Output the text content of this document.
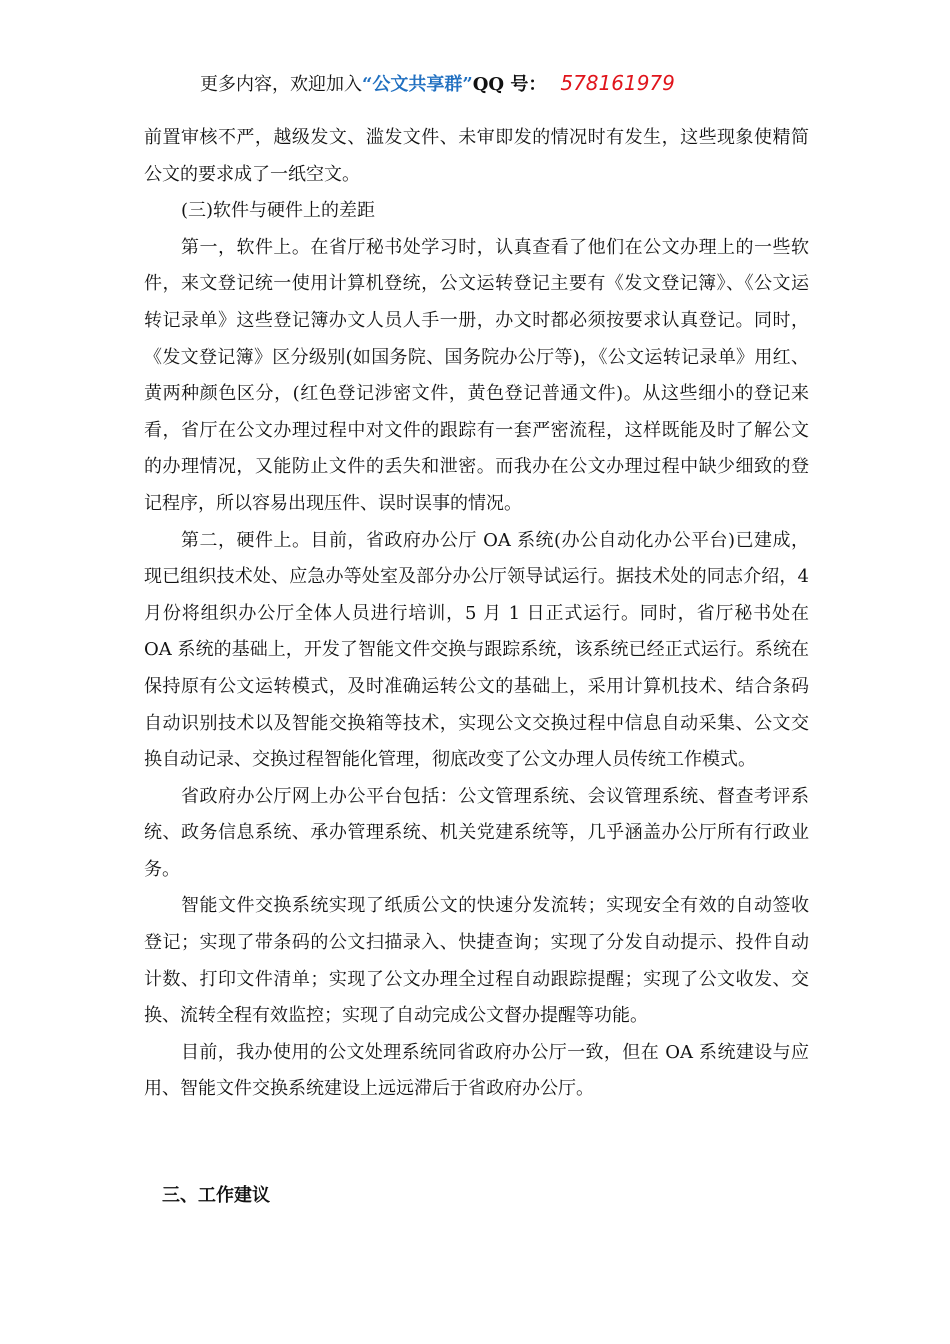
更多内容，欢迎加入“公文共享群”QQ 号： 578161979

前置审核不严，越级发文、滥发文件、未审即发的情况时有发生，这些现象使精简公文的要求成了一纸空文。

(三)软件与硬件上的差距

第一，软件上。在省厅秘书处学习时，认真查看了他们在公文办理上的一些软件，来文登记统一使用计算机登统，公文运转登记主要有《发文登记簿》、《公文运转记录单》这些登记簿办文人员人手一册，办文时都必须按要求认真登记。同时，《发文登记簿》区分级别(如国务院、国务院办公厅等)，《公文运转记录单》用红、黄两种颜色区分，(红色登记涉密文件，黄色登记普通文件)。从这些细小的登记来看，省厅在公文办理过程中对文件的跟踪有一套严密流程，这样既能及时了解公文的办理情况，又能防止文件的丢失和泄密。而我办在公文办理过程中缺少细致的登记程序，所以容易出现压件、误时误事的情况。

第二，硬件上。目前，省政府办公厅 OA 系统(办公自动化办公平台)已建成，现已组织技术处、应急办等处室及部分办公厅领导试运行。据技术处的同志介绍，4 月份将组织办公厅全体人员进行培训，5 月 1 日正式运行。同时，省厅秘书处在 OA 系统的基础上，开发了智能文件交换与跟踪系统，该系统已经正式运行。系统在保持原有公文运转模式，及时准确运转公文的基础上，采用计算机技术、结合条码自动识别技术以及智能交换箱等技术，实现公文交换过程中信息自动采集、公文交换自动记录、交换过程智能化管理，彻底改变了公文办理人员传统工作模式。

省政府办公厅网上办公平台包括：公文管理系统、会议管理系统、督查考评系统、政务信息系统、承办管理系统、机关党建系统等，几乎涵盖办公厅所有行政业务。

智能文件交换系统实现了纸质公文的快速分发流转；实现安全有效的自动签收登记；实现了带条码的公文扫描录入、快捷查询；实现了分发自动提示、投件自动计数、打印文件清单；实现了公文办理全过程自动跟踪提醒；实现了公文收发、交换、流转全程有效监控；实现了自动完成公文督办提醒等功能。

目前，我办使用的公文处理系统同省政府办公厅一致，但在 OA 系统建设与应用、智能文件交换系统建设上远远滞后于省政府办公厅。

三、工作建议
